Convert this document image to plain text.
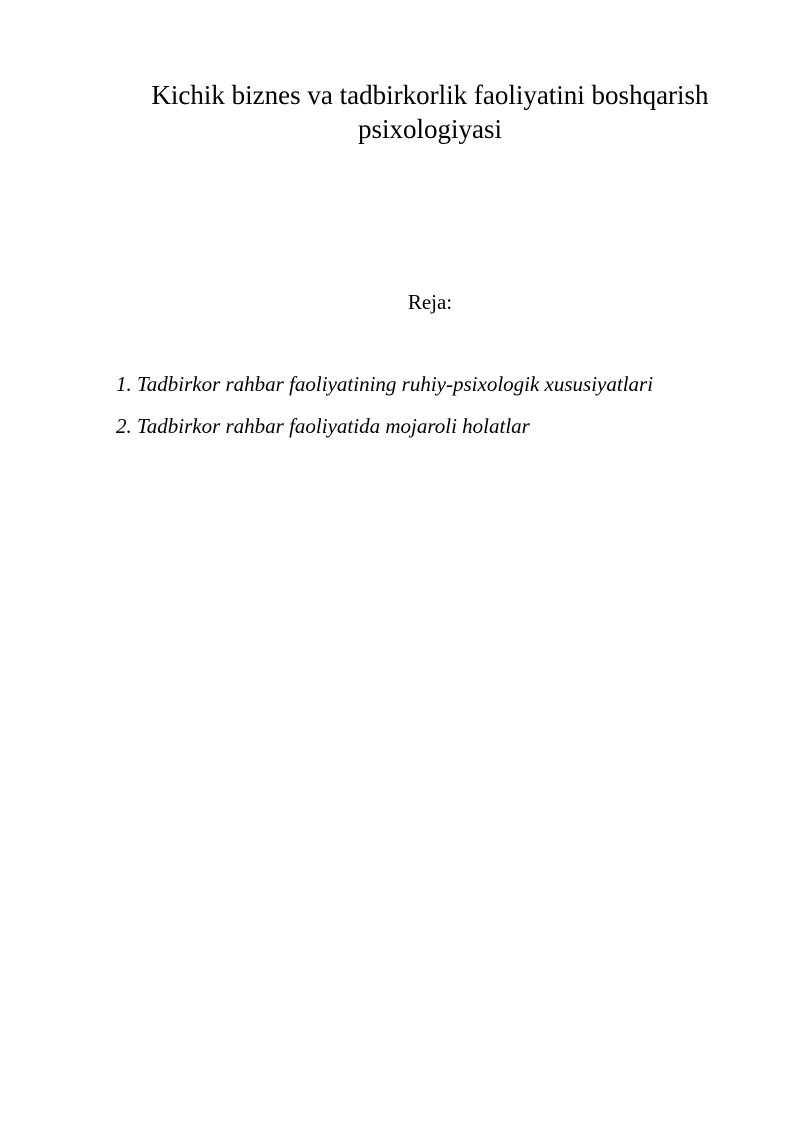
Kichik biznes va tadbirkorlik faoliyatini boshqarish
psixologiyasi
Reja:
1. Tadbirkor rahbar faoliyatining ruhiy-psixologik xususiyatlari
2. Tadbirkor rahbar faoliyatida mojaroli holatlar
